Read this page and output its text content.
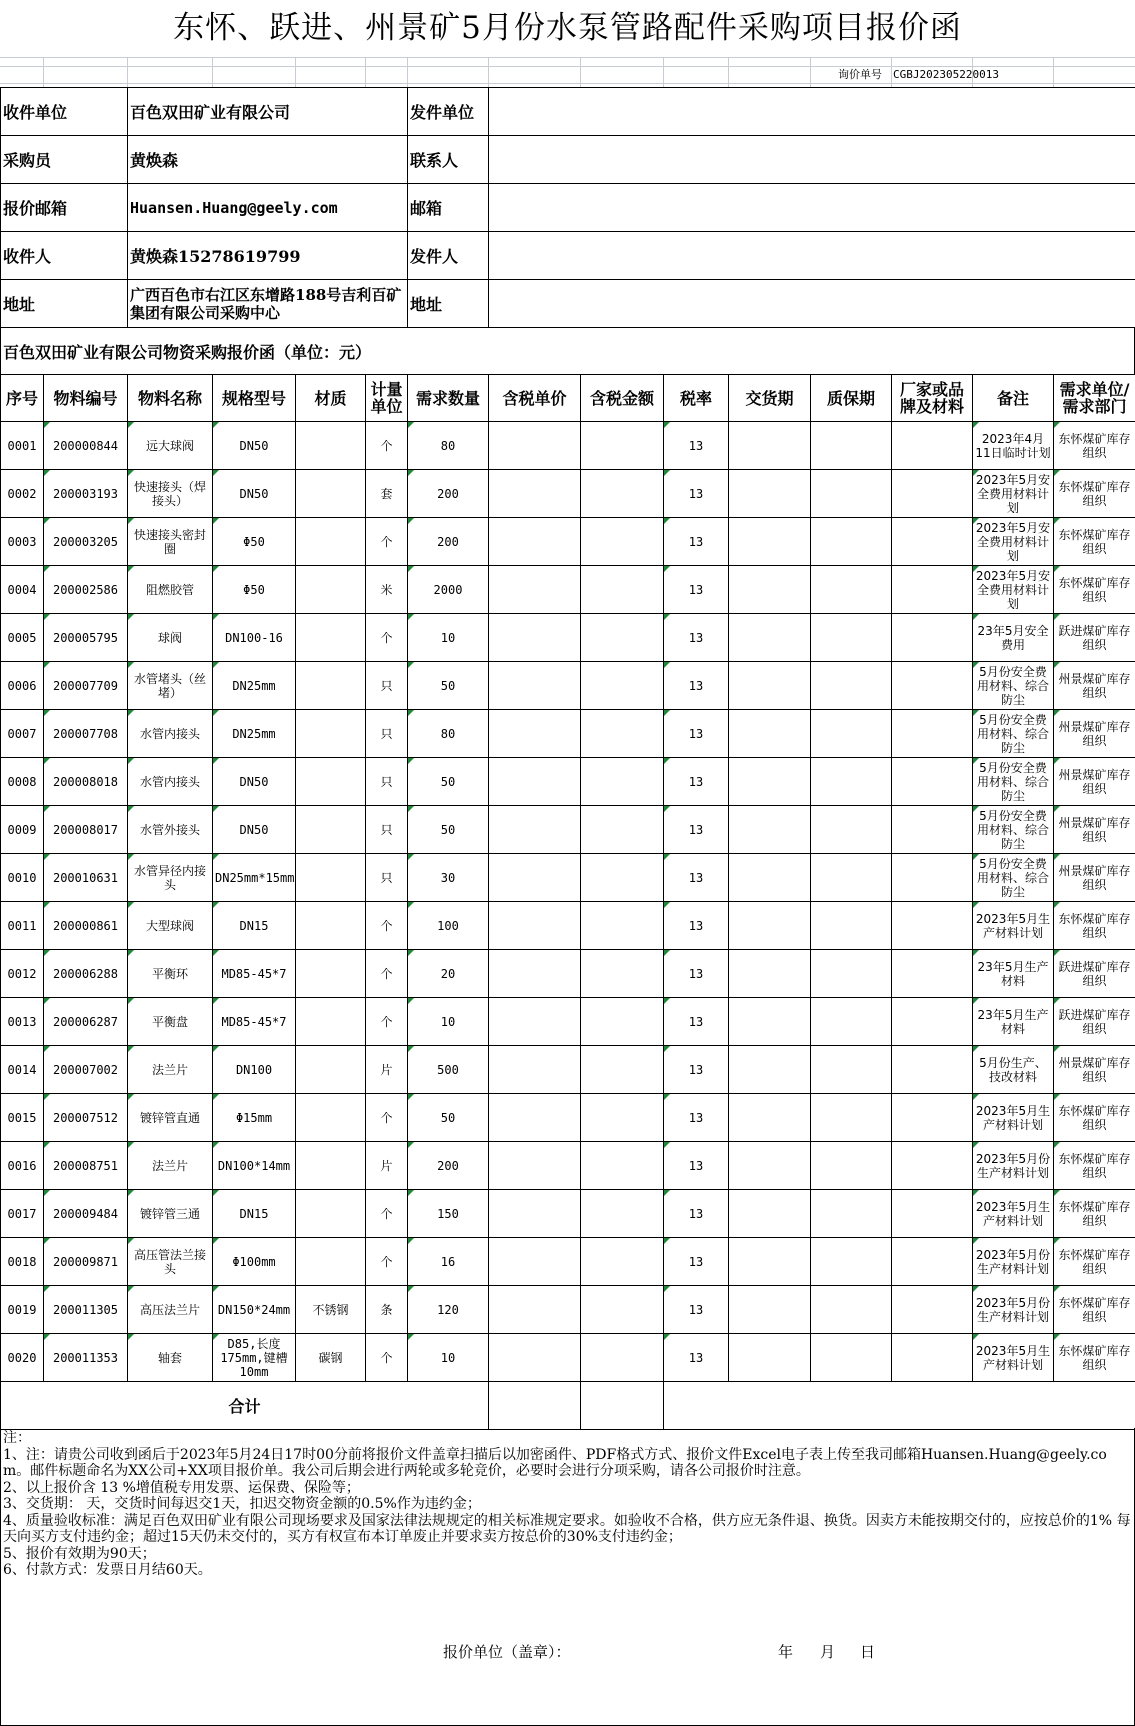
东怀、跃进、州景矿5月份水泵管路配件采购项目报价函
询价单号 CGBJ202305220013
收件单位	百色双田矿业有限公司	发件单位	
采购员	黄焕森	联系人	
报价邮箱	Huansen.Huang@geely.com	邮箱	
收件人	黄焕森15278619799	发件人	
地址	广西百色市右江区东增路188号吉利百矿集团有限公司采购中心	地址	
百色双田矿业有限公司物资采购报价函（单位：元）
序号	物料编号	物料名称	规格型号	材质	计量单位	需求数量	含税单价	含税金额	税率	交货期	质保期	厂家或品牌及材料	备注	需求单位/需求部门
0001	200000844	远大球阀	DN50		个	80			13				2023年4月11日临时计划	东怀煤矿库存组织
0002	200003193	快速接头（焊接头）	DN50		套	200			13				2023年5月安全费用材料计划	东怀煤矿库存组织
0003	200003205	快速接头密封圈	Φ50		个	200			13				2023年5月安全费用材料计划	东怀煤矿库存组织
0004	200002586	阻燃胶管	Φ50		米	2000			13				2023年5月安全费用材料计划	东怀煤矿库存组织
0005	200005795	球阀	DN100-16		个	10			13				23年5月安全费用	跃进煤矿库存组织
0006	200007709	水管堵头（丝堵）	DN25mm		只	50			13				5月份安全费用材料、综合防尘	州景煤矿库存组织
0007	200007708	水管内接头	DN25mm		只	80			13				5月份安全费用材料、综合防尘	州景煤矿库存组织
0008	200008018	水管内接头	DN50		只	50			13				5月份安全费用材料、综合防尘	州景煤矿库存组织
0009	200008017	水管外接头	DN50		只	50			13				5月份安全费用材料、综合防尘	州景煤矿库存组织
0010	200010631	水管异径内接头	DN25mm*15mm		只	30			13				5月份安全费用材料、综合防尘	州景煤矿库存组织
0011	200000861	大型球阀	DN15		个	100			13				2023年5月生产材料计划	东怀煤矿库存组织
0012	200006288	平衡环	MD85-45*7		个	20			13				23年5月生产材料	跃进煤矿库存组织
0013	200006287	平衡盘	MD85-45*7		个	10			13				23年5月生产材料	跃进煤矿库存组织
0014	200007002	法兰片	DN100		片	500			13				5月份生产、技改材料	州景煤矿库存组织
0015	200007512	镀锌管直通	Φ15mm		个	50			13				2023年5月生产材料计划	东怀煤矿库存组织
0016	200008751	法兰片	DN100*14mm		片	200			13				2023年5月份生产材料计划	东怀煤矿库存组织
0017	200009484	镀锌管三通	DN15		个	150			13				2023年5月生产材料计划	东怀煤矿库存组织
0018	200009871	高压管法兰接头	Φ100mm		个	16			13				2023年5月份生产材料计划	东怀煤矿库存组织
0019	200011305	高压法兰片	DN150*24mm	不锈钢	条	120			13				2023年5月份生产材料计划	东怀煤矿库存组织
0020	200011353	轴套	D85,长度175mm,键槽10mm	碳钢	个	10			13				2023年5月生产材料计划	东怀煤矿库存组织
合计														
注：
1、注：请贵公司收到函后于2023年5月24日17时00分前将报价文件盖章扫描后以加密函件、PDF格式方式、报价文件Excel电子表上传至我司邮箱Huansen.Huang@geely.com。邮件标题命名为XX公司+XX项目报价单。我公司后期会进行两轮或多轮竞价，必要时会进行分项采购，请各公司报价时注意。
2、以上报价含 13 %增值税专用发票、运保费、保险等；
3、交货期： 天，交货时间每迟交1天，扣迟交物资金额的0.5%作为违约金；
4、质量验收标准：满足百色双田矿业有限公司现场要求及国家法律法规规定的相关标准规定要求。如验收不合格，供方应无条件退、换货。因卖方未能按期交付的，应按总价的1% 每天向买方支付违约金；超过15天仍未交付的，买方有权宣布本订单废止并要求卖方按总价的30%支付违约金；
5、报价有效期为90天；
6、付款方式：发票日月结60天。
报价单位（盖章）：	年 月 日
